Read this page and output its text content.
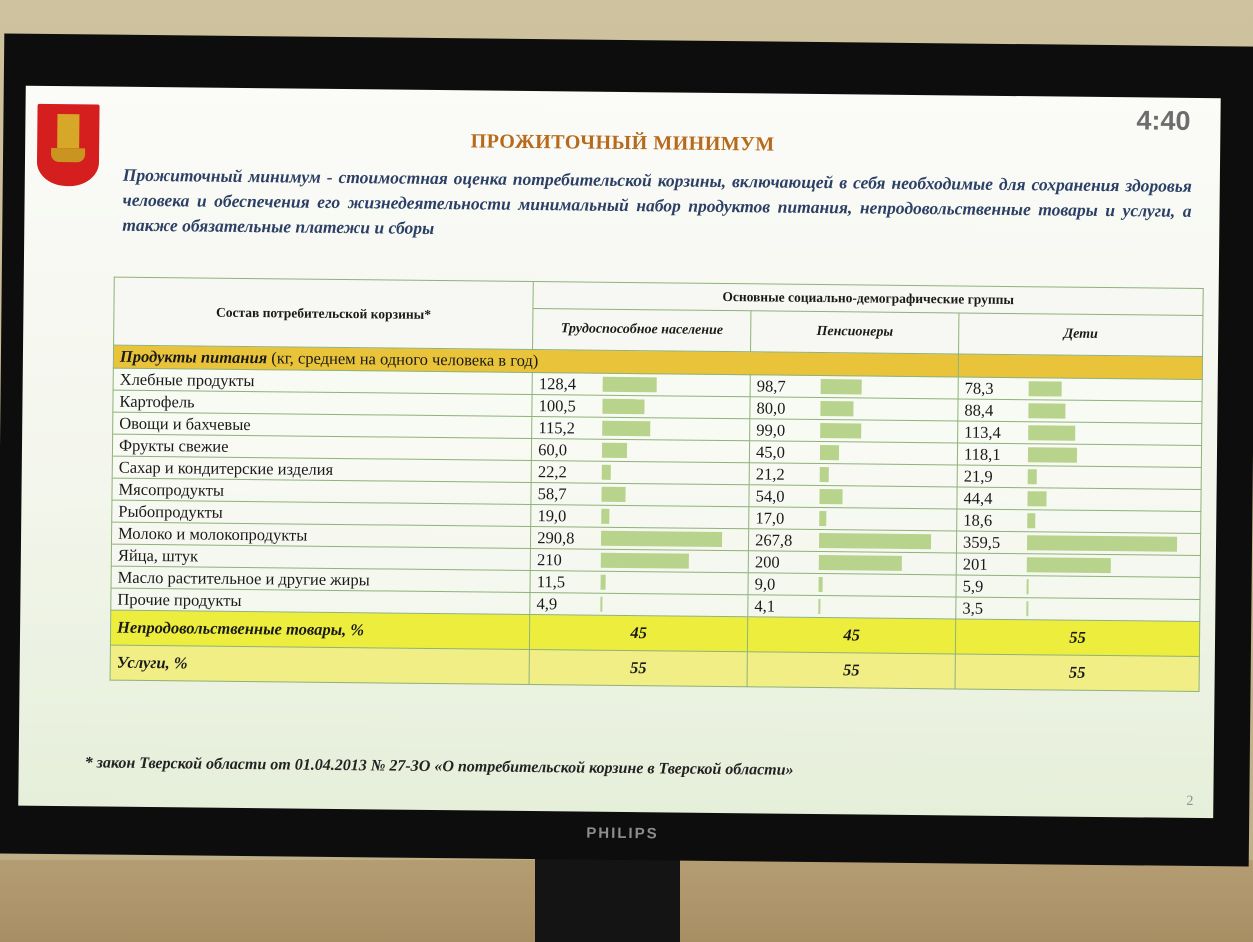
4:40
ПРОЖИТОЧНЫЙ МИНИМУМ
Прожиточный минимум - стоимостная оценка потребительской корзины, включающей в себя необходимые для сохранения здоровья человека и обеспечения его жизнедеятельности минимальный набор продуктов питания, непродовольственные товары и услуги, а также обязательные платежи и сборы
Состав потребительской корзины*	Основные социально-демографические группы		
	Трудоспособное население	Пенсионеры	Дети
Продукты питания (кг, среднем на одного человека в год)			
Хлебные продукты	128,4	98,7	78,3

Картофель	100,5	80,0	88,4

Овощи и бахчевые	115,2	99,0	113,4

Фрукты свежие	60,0	45,0	118,1

Сахар и кондитерские изделия	22,2	21,2	21,9

Мясопродукты	58,7	54,0	44,4

Рыбопродукты	19,0	17,0	18,6

Молоко и молокопродукты	290,8	267,8	359,5

Яйца, штук	210	200	201

Масло растительное и другие жиры	11,5	9,0	5,9

Прочие продукты	4,9	4,1	3,5

Непродовольственные товары, %	45	45	55
Услуги, %	55	55	55
* закон Тверской области от 01.04.2013 № 27-ЗО «О потребительской корзине в Тверской области»
2
PHILIPS
